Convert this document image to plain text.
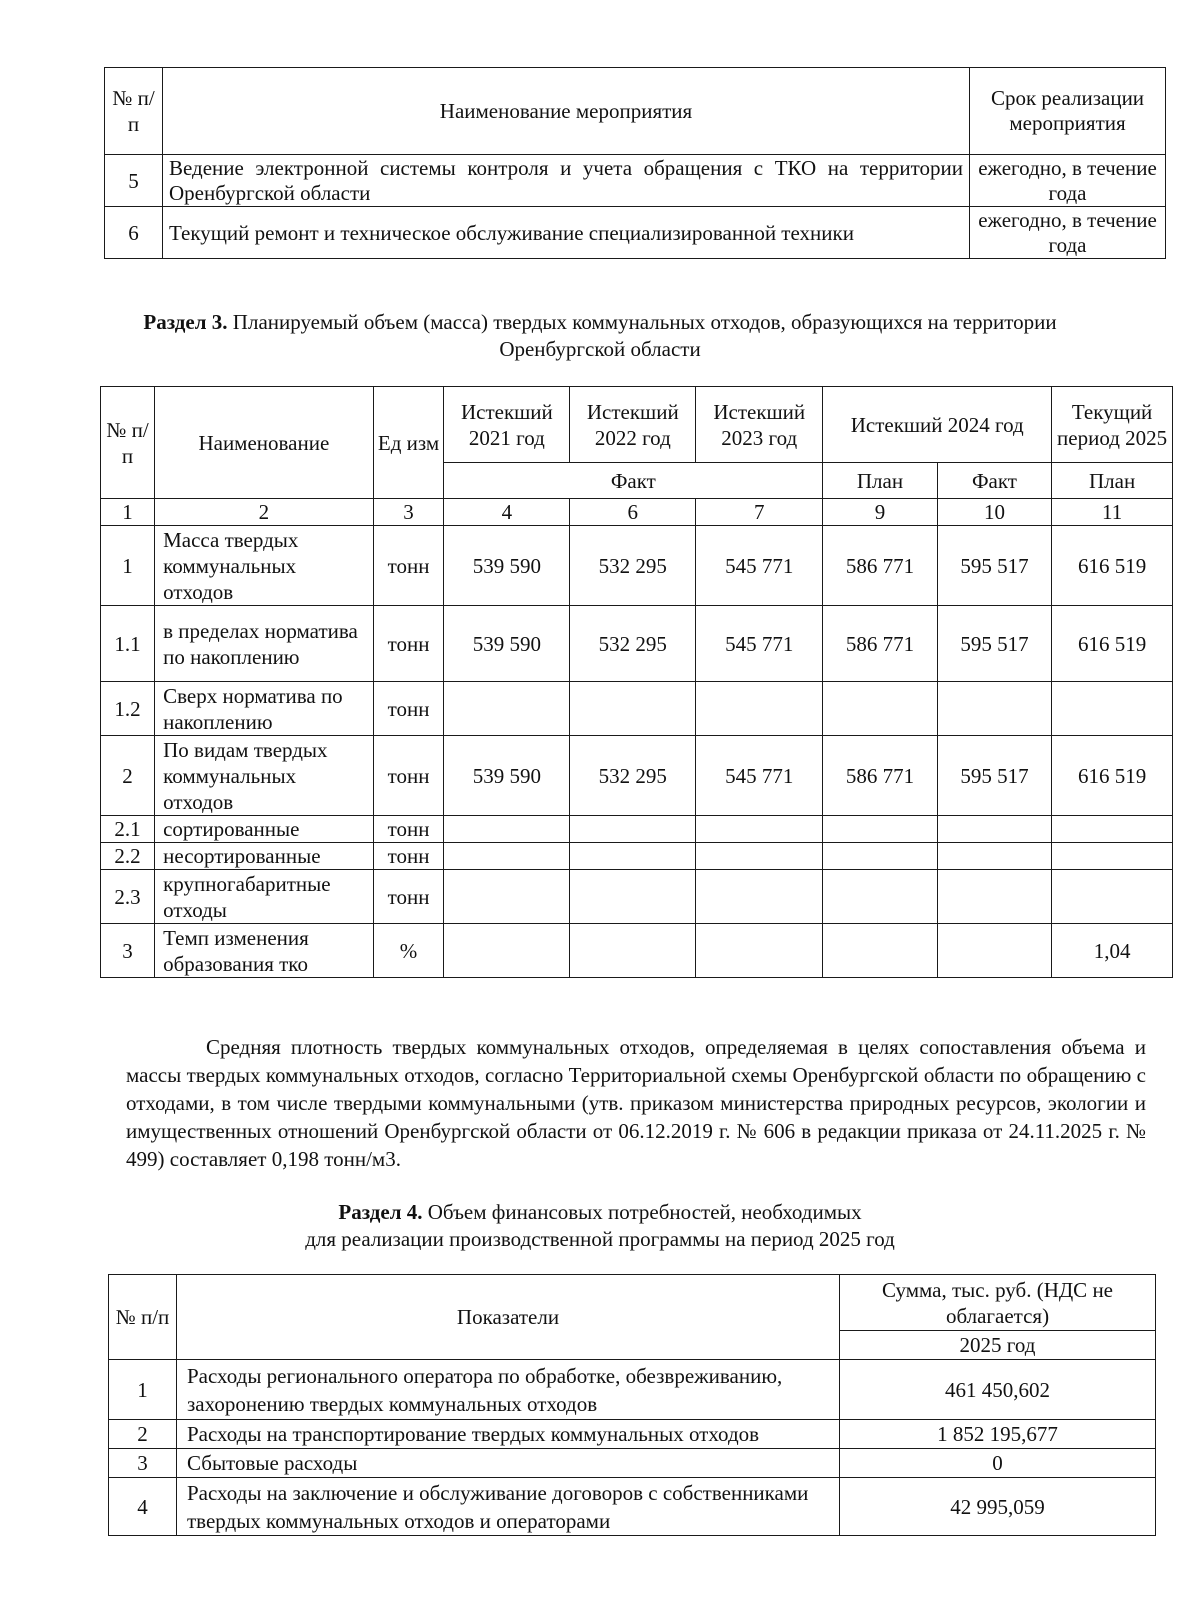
№ п/п	Наименование мероприятия	Срок реализации мероприятия
5	Ведение электронной системы контроля и учета обращения с ТКО на территории Оренбургской области	ежегодно, в течение года
6	Текущий ремонт и техническое обслуживание специализированной техники	ежегодно, в течение года
Раздел 3. Планируемый объем (масса) твердых коммунальных отходов, образующихся на территории Оренбургской области
№ п/п	Наименование	Ед изм	Истекший 2021 год	Истекший 2022 год	Истекший 2023 год	Истекший 2024 год		Текущий период 2025
			Факт			План	Факт	План
1	2	3	4	6	7	9	10	11
1	Масса твердых коммунальных отходов	тонн	539 590	532 295	545 771	586 771	595 517	616 519
1.1	в пределах норматива по накоплению	тонн	539 590	532 295	545 771	586 771	595 517	616 519
1.2	Сверх норматива по накоплению	тонн						
2	По видам твердых коммунальных отходов	тонн	539 590	532 295	545 771	586 771	595 517	616 519
2.1	сортированные	тонн						
2.2	несортированные	тонн						
2.3	крупногабаритные отходы	тонн						
3	Темп изменения образования тко	%						1,04
Средняя плотность твердых коммунальных отходов, определяемая в целях сопоставления объема и массы твердых коммунальных отходов, согласно Территориальной схемы Оренбургской области по обращению с отходами, в том числе твердыми коммунальными (утв. приказом министерства природных ресурсов, экологии и имущественных отношений Оренбургской области от 06.12.2019 г. № 606 в редакции приказа от 24.11.2025 г. № 499) составляет 0,198 тонн/м3.
Раздел 4. Объем финансовых потребностей, необходимых
для реализации производственной программы на период 2025 год
№ п/п	Показатели	Сумма, тыс. руб. (НДС не облагается)
		2025 год
1	Расходы регионального оператора по обработке, обезвреживанию, захоронению твердых коммунальных отходов	461 450,602
2	Расходы на транспортирование твердых коммунальных отходов	1 852 195,677
3	Сбытовые расходы	0
4	Расходы на заключение и обслуживание договоров с собственниками твердых коммунальных отходов и операторами	42 995,059
